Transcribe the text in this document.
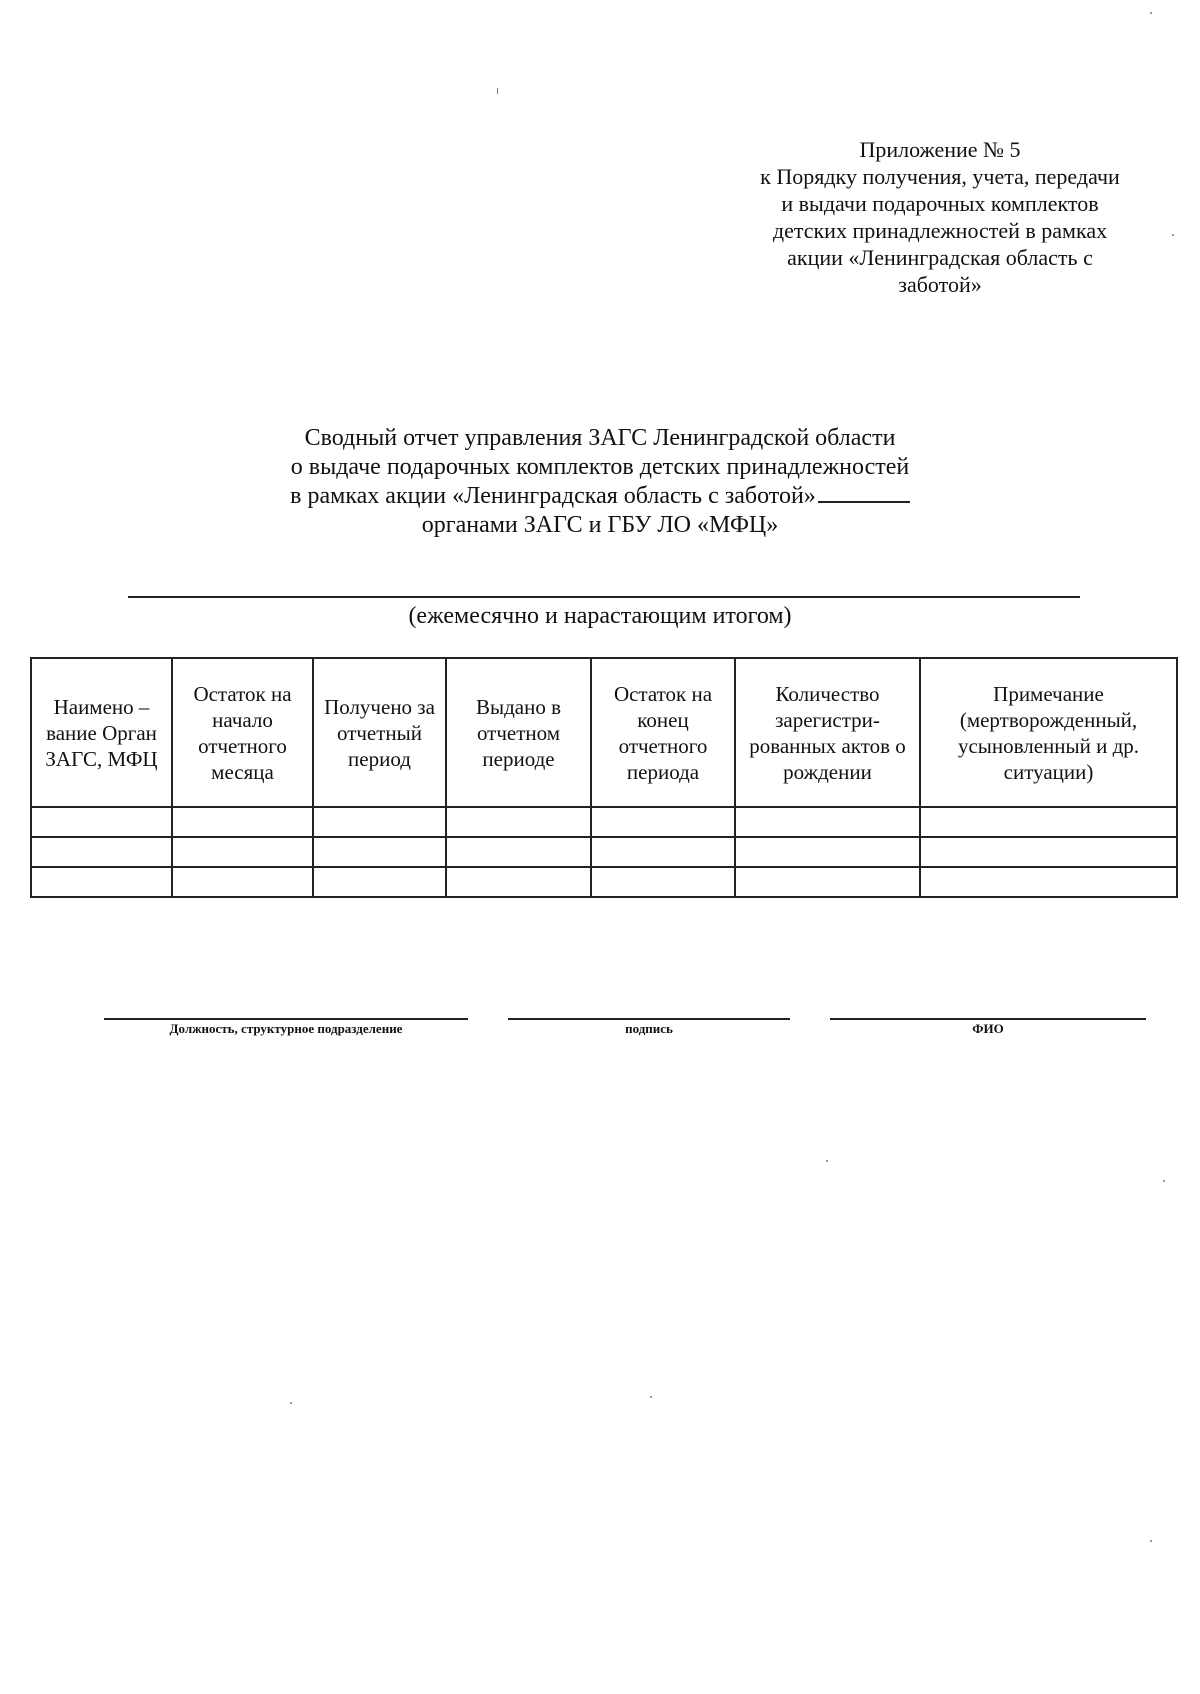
Приложение № 5
к Порядку получения, учета, передачи
и выдачи подарочных комплектов
детских принадлежностей в рамках
акции «Ленинградская область с
заботой»
Сводный отчет управления ЗАГС Ленинградской области
о выдаче подарочных комплектов детских принадлежностей
в рамках акции «Ленинградская область с заботой»
органами ЗАГС и ГБУ ЛО «МФЦ»
(ежемесячно и нарастающим итогом)
Наимено – вание Орган ЗАГС, МФЦ	Остаток на начало отчетного месяца	Получено за отчетный период	Выдано в отчетном периоде	Остаток на конец отчетного периода	Количество зарегистри-рованных актов о рождении	Примечание (мертворожденный, усыновленный и др. ситуации)

Должность, структурное подразделение	подпись	ФИО
